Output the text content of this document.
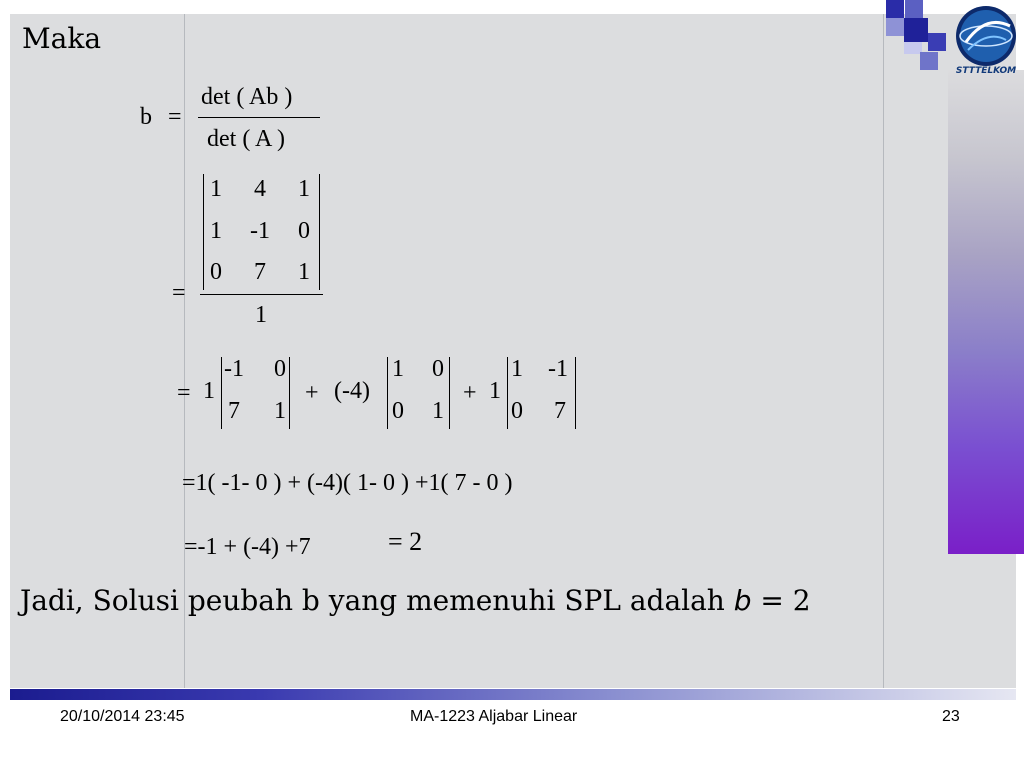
STTTELKOM
Maka
b =
det ( Ab )
det ( A )
1 4 1
1 -1 0
0 7 1
=
1
= 1
-1 0
7 1
+ (-4)
1 0
0 1
+ 1
1 -1
0 7
=1( -1- 0 ) + (-4)( 1- 0 ) +1( 7 - 0 )
=-1 + (-4) +7	= 2
Jadi, Solusi peubah b yang memenuhi SPL adalah b = 2
20/10/2014 23:45	MA-1223 Aljabar Linear	23
